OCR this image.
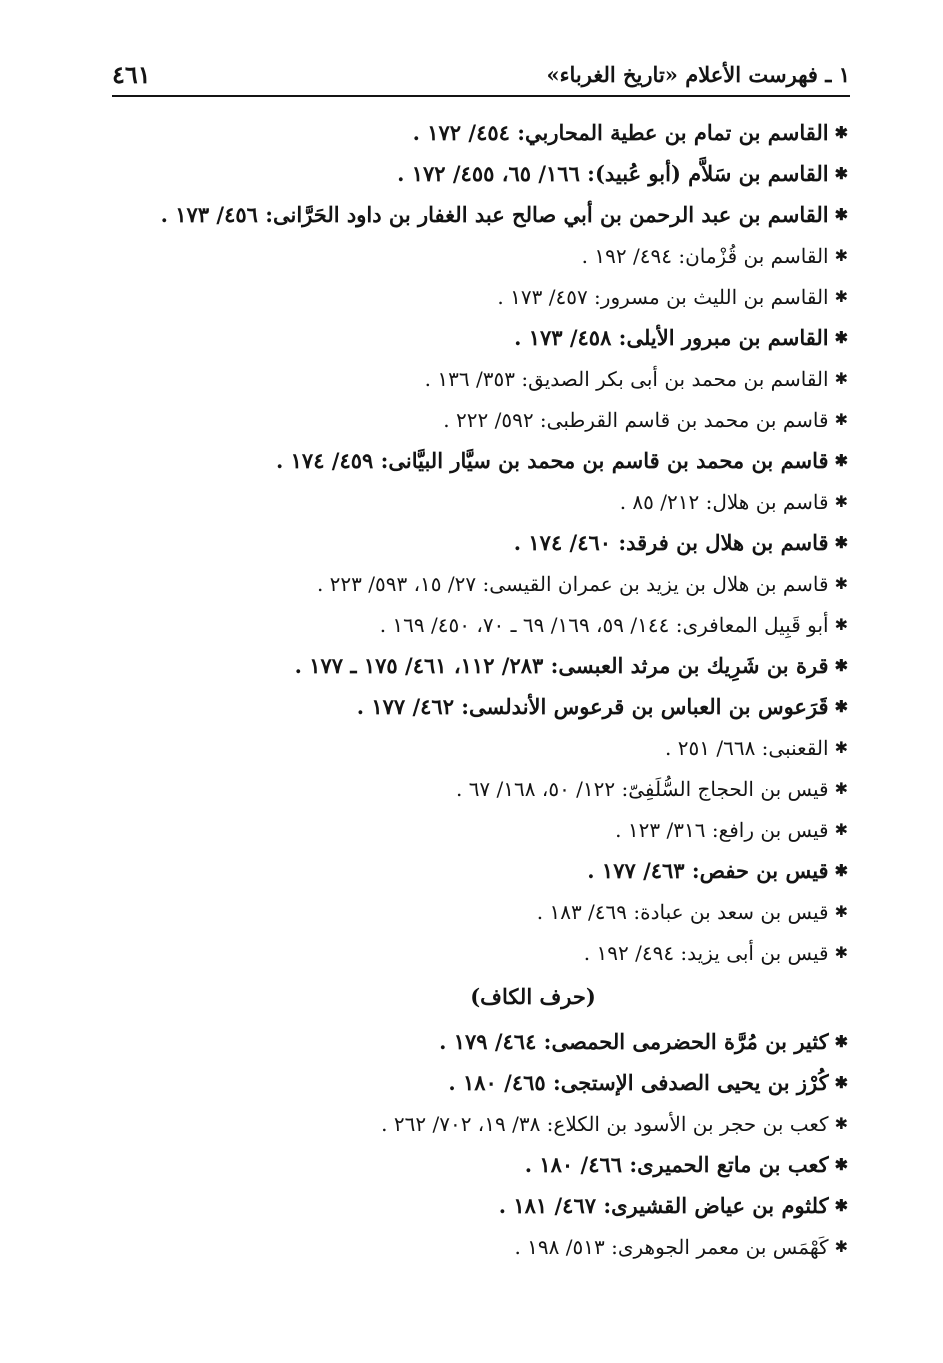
١ ـ فهرست الأعلام «تاريخ الغرباء»
٤٦١
✱القاسم بن تمام بن عطية المحاربي: ٤٥٤/ ١٧٢ .
✱القاسم بن سَلاَّم (أبو عُبيد): ١٦٦/ ٦٥، ٤٥٥/ ١٧٢ .
✱القاسم بن عبد الرحمن بن أبي صالح عبد الغفار بن داود الحَرَّانى: ٤٥٦/ ١٧٣ .
✱القاسم بن قُزْمان: ٤٩٤/ ١٩٢ .
✱القاسم بن الليث بن مسرور: ٤٥٧/ ١٧٣ .
✱القاسم بن مبرور الأيلى: ٤٥٨/ ١٧٣ .
✱القاسم بن محمد بن أبى بكر الصديق: ٣٥٣/ ١٣٦ .
✱قاسم بن محمد بن قاسم القرطبى: ٥٩٢/ ٢٢٢ .
✱قاسم بن محمد بن قاسم بن محمد بن سيَّار البيَّانى: ٤٥٩/ ١٧٤ .
✱قاسم بن هلال: ٢١٢/ ٨٥ .
✱قاسم بن هلال بن فرقد: ٤٦٠/ ١٧٤ .
✱قاسم بن هلال بن يزيد بن عمران القيسى: ٢٧/ ١٥، ٥٩٣/ ٢٢٣ .
✱أبو قَبِيل المعافرى: ١٤٤/ ٥٩، ١٦٩/ ٦٩ ـ ٧٠، ٤٥٠/ ١٦٩ .
✱قرة بن شَرِيك بن مرثد العبسى: ٢٨٣/ ١١٢، ٤٦١/ ١٧٥ ـ ١٧٧ .
✱قَرَعوس بن العباس بن قرعوس الأندلسى: ٤٦٢/ ١٧٧ .
✱القعنبى: ٦٦٨/ ٢٥١ .
✱قيس بن الحجاج السُّلَفِىّ: ١٢٢/ ٥٠، ١٦٨/ ٦٧ .
✱قيس بن رافع: ٣١٦/ ١٢٣ .
✱قيس بن حفص: ٤٦٣/ ١٧٧ .
✱قيس بن سعد بن عبادة: ٤٦٩/ ١٨٣ .
✱قيس بن أبى يزيد: ٤٩٤/ ١٩٢ .
(حرف الكاف)
✱كثير بن مُرَّة الحضرمى الحمصى: ٤٦٤/ ١٧٩ .
✱كُرْز بن يحيى الصدفى الإستجى: ٤٦٥/ ١٨٠ .
✱كعب بن حجر بن الأسود بن الكلاع: ٣٨/ ١٩، ٧٠٢/ ٢٦٢ .
✱كعب بن ماتع الحميرى: ٤٦٦/ ١٨٠ .
✱كلثوم بن عياض القشيرى: ٤٦٧/ ١٨١ .
✱كَهْمَس بن معمر الجوهرى: ٥١٣/ ١٩٨ .
